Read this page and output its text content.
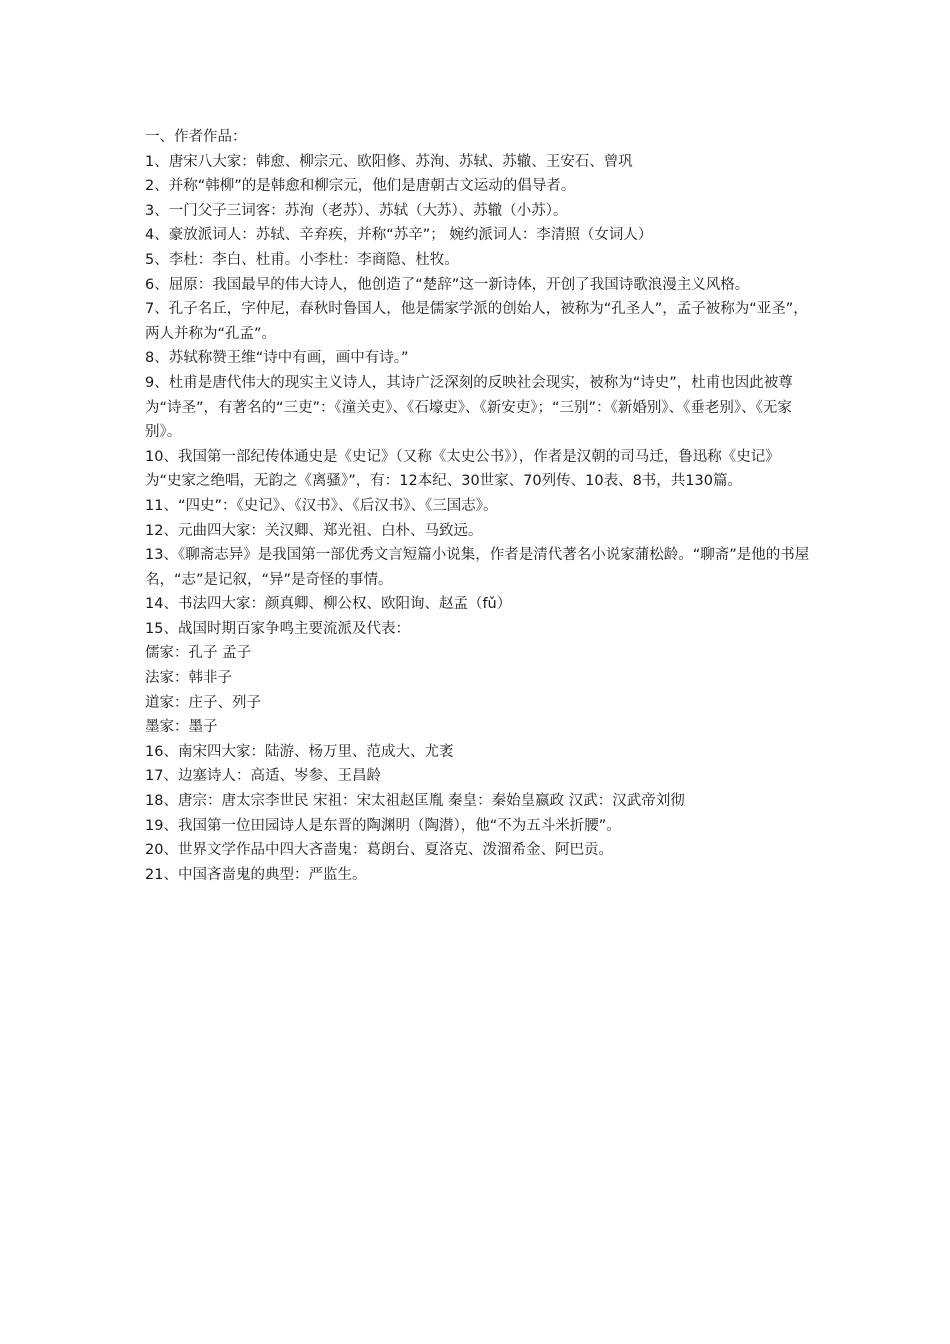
一、作者作品：

1、唐宋八大家：韩愈、柳宗元、欧阳修、苏洵、苏轼、苏辙、王安石、曾巩

2、并称“韩柳”的是韩愈和柳宗元，他们是唐朝古文运动的倡导者。

3、一门父子三词客：苏洵（老苏）、苏轼（大苏）、苏辙（小苏）。

4、豪放派词人：苏轼、辛弃疾，并称“苏辛”； 婉约派词人：李清照（女词人）

5、李杜：李白、杜甫。小李杜：李商隐、杜牧。

6、屈原：我国最早的伟大诗人，他创造了“楚辞”这一新诗体，开创了我国诗歌浪漫主义风格。

7、孔子名丘，字仲尼，春秋时鲁国人，他是儒家学派的创始人，被称为“孔圣人”，孟子被称为“亚圣”，两人并称为“孔孟”。

8、苏轼称赞王维“诗中有画，画中有诗。”

9、杜甫是唐代伟大的现实主义诗人，其诗广泛深刻的反映社会现实，被称为“诗史”，杜甫也因此被尊为“诗圣”，有著名的“三吏”：《潼关吏》、《石壕吏》、《新安吏》；“三别”：《新婚别》、《垂老别》、《无家别》。

10、我国第一部纪传体通史是《史记》（又称《太史公书》），作者是汉朝的司马迁，鲁迅称《史记》为“史家之绝唱，无韵之《离骚》”，有：12本纪、30世家、70列传、10表、8书，共130篇。

11、“四史”：《史记》、《汉书》、《后汉书》、《三国志》。

12、元曲四大家：关汉卿、郑光祖、白朴、马致远。

13、《聊斋志异》是我国第一部优秀文言短篇小说集，作者是清代著名小说家蒲松龄。“聊斋”是他的书屋名，“志”是记叙，“异”是奇怪的事情。

14、书法四大家：颜真卿、柳公权、欧阳询、赵孟（fǔ）

15、战国时期百家争鸣主要流派及代表：

儒家：孔子 孟子

法家：韩非子

道家：庄子、列子

墨家：墨子

16、南宋四大家：陆游、杨万里、范成大、尤袤

17、边塞诗人：高适、岑参、王昌龄

18、唐宗：唐太宗李世民 宋祖：宋太祖赵匡胤 秦皇：秦始皇嬴政 汉武：汉武帝刘彻

19、我国第一位田园诗人是东晋的陶渊明（陶潜），他“不为五斗米折腰”。

20、世界文学作品中四大吝啬鬼：葛朗台、夏洛克、泼溜希金、阿巴贡。

21、中国吝啬鬼的典型：严监生。
